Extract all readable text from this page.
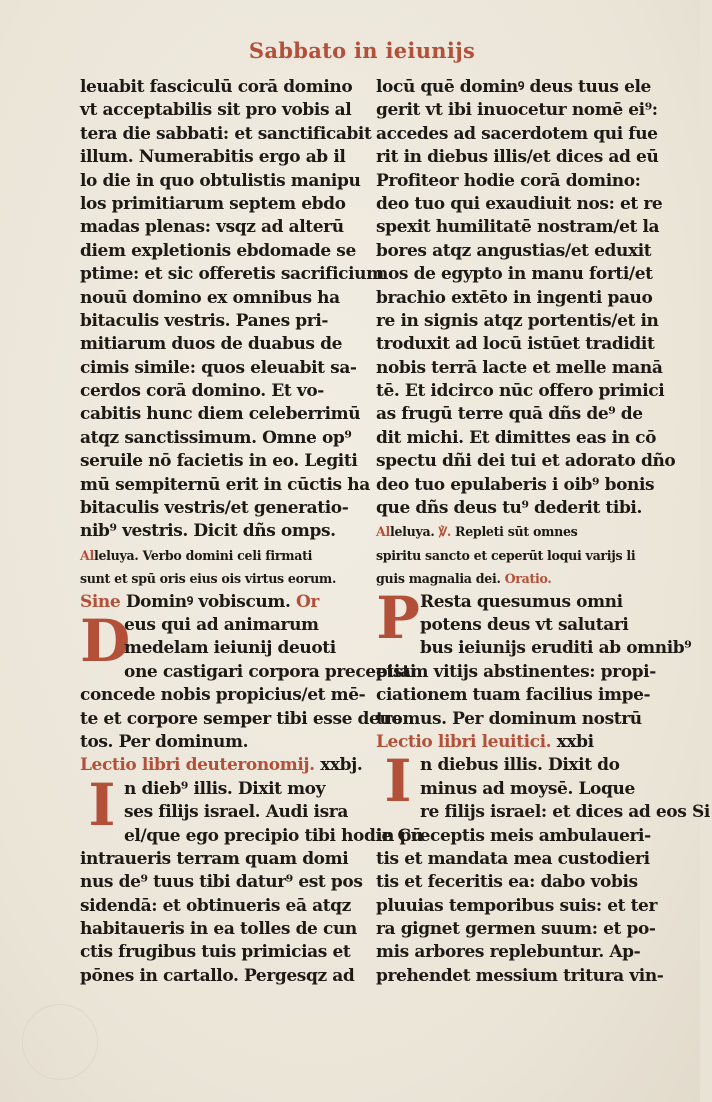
Sabbato in ieiunijs
leuabit fasciculū corā domino
vt acceptabilis sit pro vobis al
tera die sabbati: et sanctificabit
illum. Numerabitis ergo ab il
lo die in quo obtulistis manipu
los primitiarum septem ebdo
madas plenas: vsqz ad alterū
diem expletionis ebdomade se
ptime: et sic offeretis sacrificium
nouū domino ex omnibus ha
bitaculis vestris. Panes pri-
mitiarum duos de duabus de
cimis simile: quos eleuabit sa-
cerdos corā domino. Et vo-
cabitis hunc diem celeberrimū
atqz sanctissimum. Omne op⁹
seruile nō facietis in eo. Legiti
mū sempiternū erit in cūctis ha
bitaculis vestris/et generatio-
nib⁹ vestris. Dicit dñs omps.
Alleluya. Verbo domini celi firmati
sunt et spū oris eius ois virtus eorum.
Sine Dominꝰ vobiscum. Or
D
eus qui ad animarum
medelam ieiunij deuoti
one castigari corpora precepisti
concede nobis propicius/et mē-
te et corpore semper tibi esse deuo
tos. Per dominum.
Lectio libri deuteronomij. xxbj.
I n dieb⁹ illis. Dixit moy
ses filijs israel. Audi isra
el/que ego precipio tibi hodie Cū
intraueris terram quam domi
nus de⁹ tuus tibi datur⁹ est pos
sidendā: et obtinueris eā atqz
habitaueris in ea tolles de cun
ctis frugibus tuis primicias et
pōnes in cartallo. Pergesqz ad
locū quē dominꝰ deus tuus ele
gerit vt ibi inuocetur nomē ei⁹:
accedes ad sacerdotem qui fue
rit in diebus illis/et dices ad eū
Profiteor hodie corā domino:
deo tuo qui exaudiuit nos: et re
spexit humilitatē nostram/et la
bores atqz angustias/et eduxit
nos de egypto in manu forti/et
brachio extēto in ingenti pauo
re in signis atqz portentis/et in
troduxit ad locū istūet tradidit
nobis terrā lacte et melle manā
tē. Et idcirco nūc offero primici
as frugū terre quā dñs de⁹ de
dit michi. Et dimittes eas in cō
spectu dñi dei tui et adorato dño
deo tuo epulaberis i oib⁹ bonis
que dñs deus tu⁹ dederit tibi.
Alleluya. ℣. Repleti sūt omnes
spiritu sancto et ceperūt loqui varijs li
guis magnalia dei. Oratio.
P Resta quesumus omni
potens deus vt salutari
bus ieiunijs eruditi ab omnib⁹
etiam vitijs abstinentes: propi-
ciationem tuam facilius impe-
tremus. Per dominum nostrū
Lectio libri leuitici. xxbi
I n diebus illis. Dixit do
minus ad moysē. Loque
re filijs israel: et dices ad eos Si
in preceptis meis ambulaueri-
tis et mandata mea custodieri
tis et feceritis ea: dabo vobis
pluuias temporibus suis: et ter
ra gignet germen suum: et po-
mis arbores replebuntur. Ap-
prehendet messium tritura vin-
